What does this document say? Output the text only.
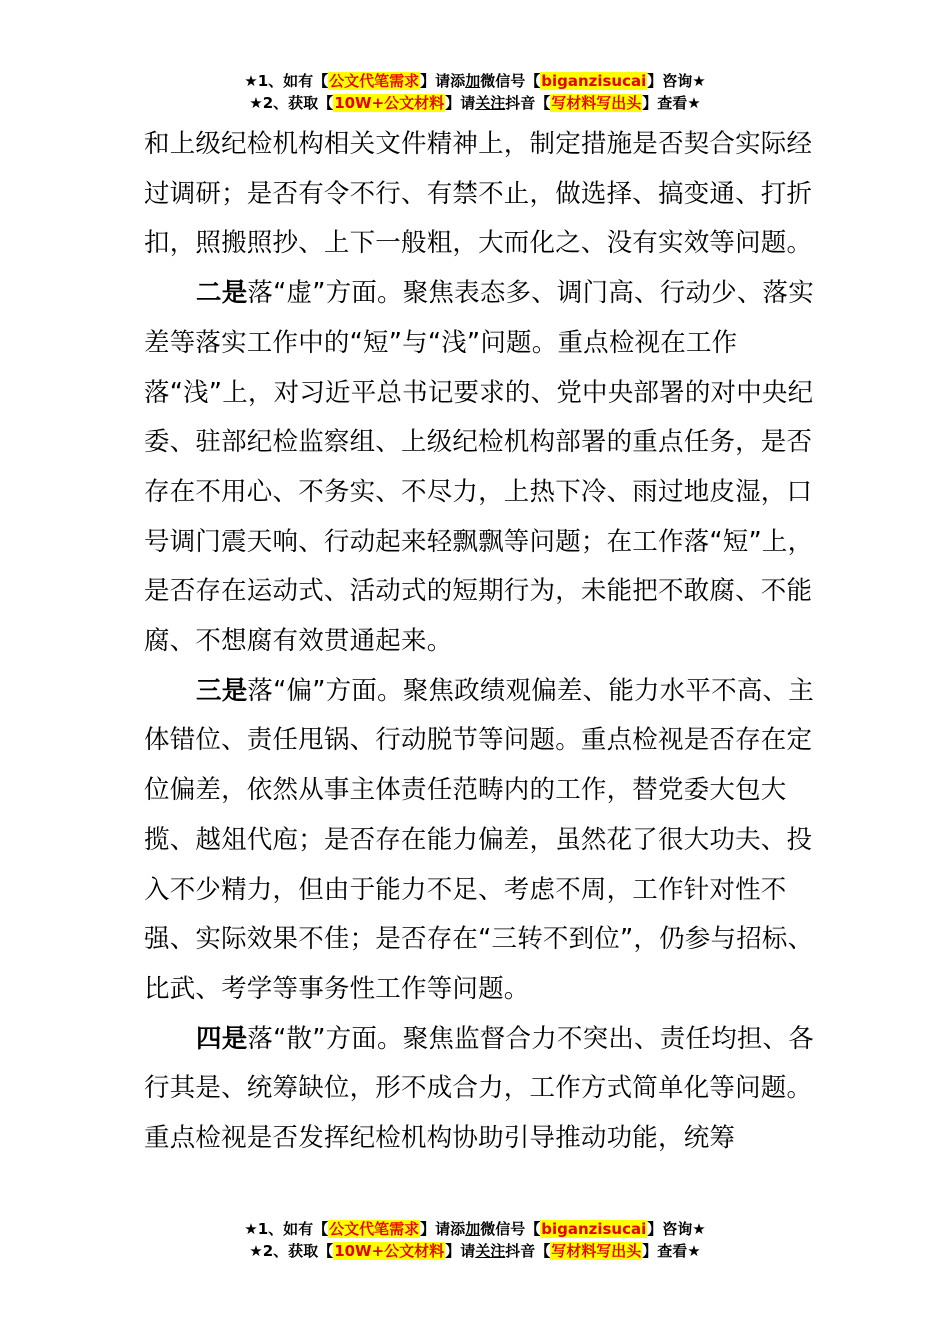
★1、如有【公文代笔需求】请添加微信号【biganzisucai】咨询★
★2、获取【10W+公文材料】请关注抖音【写材料写出头】查看★

和上级纪检机构相关文件精神上，制定措施是否契合实际经过调研；是否有令不行、有禁不止，做选择、搞变通、打折扣，照搬照抄、上下一般粗，大而化之、没有实效等问题。

二是落“虚”方面。聚焦表态多、调门高、行动少、落实差等落实工作中的“短”与“浅”问题。重点检视在工作落“浅”上，对习近平总书记要求的、党中央部署的对中央纪委、驻部纪检监察组、上级纪检机构部署的重点任务，是否存在不用心、不务实、不尽力，上热下冷、雨过地皮湿，口号调门震天响、行动起来轻飘飘等问题；在工作落“短”上，是否存在运动式、活动式的短期行为，未能把不敢腐、不能腐、不想腐有效贯通起来。

三是落“偏”方面。聚焦政绩观偏差、能力水平不高、主体错位、责任甩锅、行动脱节等问题。重点检视是否存在定位偏差，依然从事主体责任范畴内的工作，替党委大包大揽、越俎代庖；是否存在能力偏差，虽然花了很大功夫、投入不少精力，但由于能力不足、考虑不周，工作针对性不强、实际效果不佳；是否存在“三转不到位”，仍参与招标、比武、考学等事务性工作等问题。

四是落“散”方面。聚焦监督合力不突出、责任均担、各行其是、统筹缺位，形不成合力，工作方式简单化等问题。重点检视是否发挥纪检机构协助引导推动功能，统筹

★1、如有【公文代笔需求】请添加微信号【biganzisucai】咨询★
★2、获取【10W+公文材料】请关注抖音【写材料写出头】查看★
